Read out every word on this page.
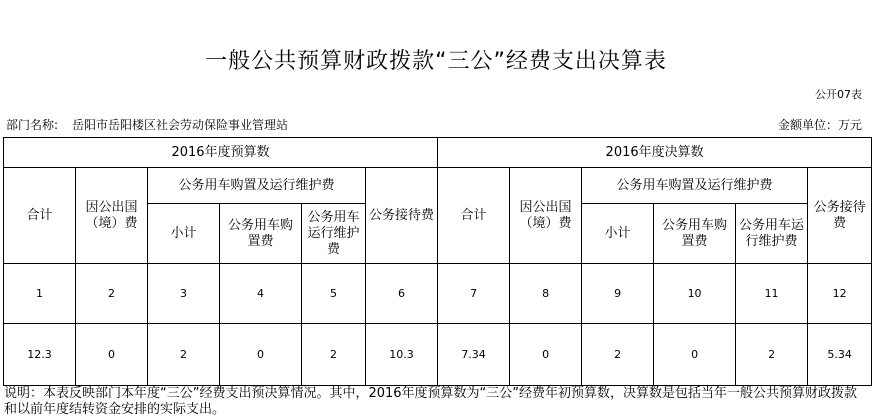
一般公共预算财政拨款“三公”经费支出决算表
公开07表
部门名称: 岳阳市岳阳楼区社会劳动保险事业管理站	金额单位：万元
2016年度预算数						2016年度决算数					
合计	因公出国（境）费	公务用车购置及运行维护费			公务接待费	合计	因公出国（境）费	公务用车购置及运行维护费			公务接待费
		小计	公务用车购置费	公务用车运行维护费				小计	公务用车购置费	公务用车运行维护费	
1	2	3	4	5	6	7	8	9	10	11	12
12.3	0	2	0	2	10.3	7.34	0	2	0	2	5.34
说明：本表反映部门本年度“三公”经费支出预决算情况。其中，2016年度预算数为“三公”经费年初预算数，决算数是包括当年一般公共预算财政拨款和以前年度结转资金安排的实际支出。
